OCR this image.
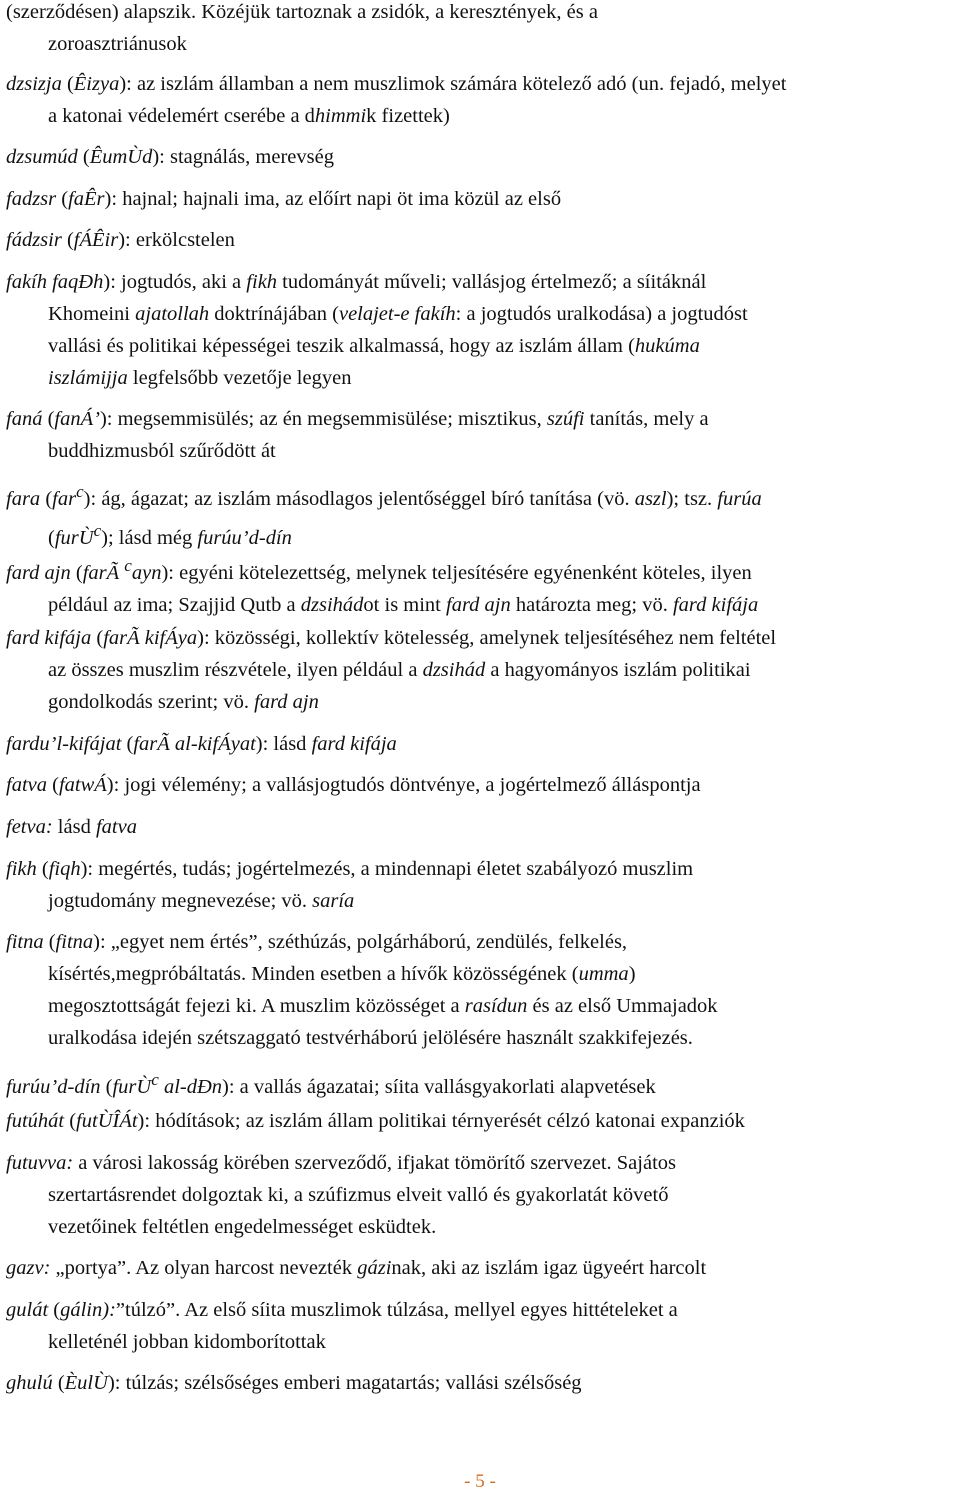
(szerződésen) alapszik. Közéjük tartoznak a zsidók, a keresztények, és a
zoroasztriánusok
dzsizja (Êizya): az iszlám államban a nem muszlimok számára kötelező adó (un. fejadó, melyet
a katonai védelemért cserébe a dhimmik fizettek)
dzsumúd (ÊumÙd): stagnálás, merevség
fadzsr (faÊr): hajnal; hajnali ima, az előírt napi öt ima közül az első
fádzsir (fÁÊir): erkölcstelen
fakíh faqÐh): jogtudós, aki a fikh tudományát műveli; vallásjog értelmező; a síitáknál
Khomeini ajatollah doktrínájában (velajet-e fakíh: a jogtudós uralkodása) a jogtudóst
vallási és politikai képességei teszik alkalmassá, hogy az iszlám állam (hukúma
iszlámijja legfelsőbb vezetője legyen
faná (fanÁ’): megsemmisülés; az én megsemmisülése; misztikus, szúfi tanítás, mely a
buddhizmusból szűrődött át
fara (far$^c$): ág, ágazat; az iszlám másodlagos jelentőséggel bíró tanítása (vö. aszl); tsz. furúa
(furÙ$^c$); lásd még furúu’d-dín
fard ajn (farÃ $^c$ayn): egyéni kötelezettség, melynek teljesítésére egyénenként köteles, ilyen
például az ima; Szajjid Qutb a dzsihádot is mint fard ajn határozta meg; vö. fard kifája
fard kifája (farÃ kifÁya): közösségi, kollektív kötelesség, amelynek teljesítéséhez nem feltétel
az összes muszlim részvétele, ilyen például a dzsihád a hagyományos iszlám politikai
gondolkodás szerint; vö. fard ajn
fardu’l-kifájat (farÃ al-kifÁyat): lásd fard kifája
fatva (fatwÁ): jogi vélemény; a vallásjogtudós döntvénye, a jogértelmező álláspontja
fetva: lásd fatva
fikh (fiqh): megértés, tudás; jogértelmezés, a mindennapi életet szabályozó muszlim
jogtudomány megnevezése; vö. saría
fitna (fitna): „egyet nem értés”, széthúzás, polgárháború, zendülés, felkelés,
kísértés,megpróbáltatás. Minden esetben a hívők közösségének (umma)
megosztottságát fejezi ki. A muszlim közösséget a rasídun és az első Ummajadok
uralkodása idején szétszaggató testvérháború jelölésére használt szakkifejezés.
furúu’d-dín (furÙ$^c$ al-dÐn): a vallás ágazatai; síita vallásgyakorlati alapvetések
futúhát (futÙÎÁt): hódítások; az iszlám állam politikai térnyerését célzó katonai expanziók
futuvva: a városi lakosság körében szerveződő, ifjakat tömörítő szervezet. Sajátos
szertartásrendet dolgoztak ki, a szúfizmus elveit valló és gyakorlatát követő
vezetőinek feltétlen engedelmességet esküdtek.
gazv: „portya”. Az olyan harcost nevezték gázinak, aki az iszlám igaz ügyeért harcolt
gulát (gálin):”túlzó”. Az első síita muszlimok túlzása, mellyel egyes hittételeket a
kelleténél jobban kidomborítottak
ghulú (ÈulÙ): túlzás; szélsőséges emberi magatartás; vallási szélsőség
- 5 -
